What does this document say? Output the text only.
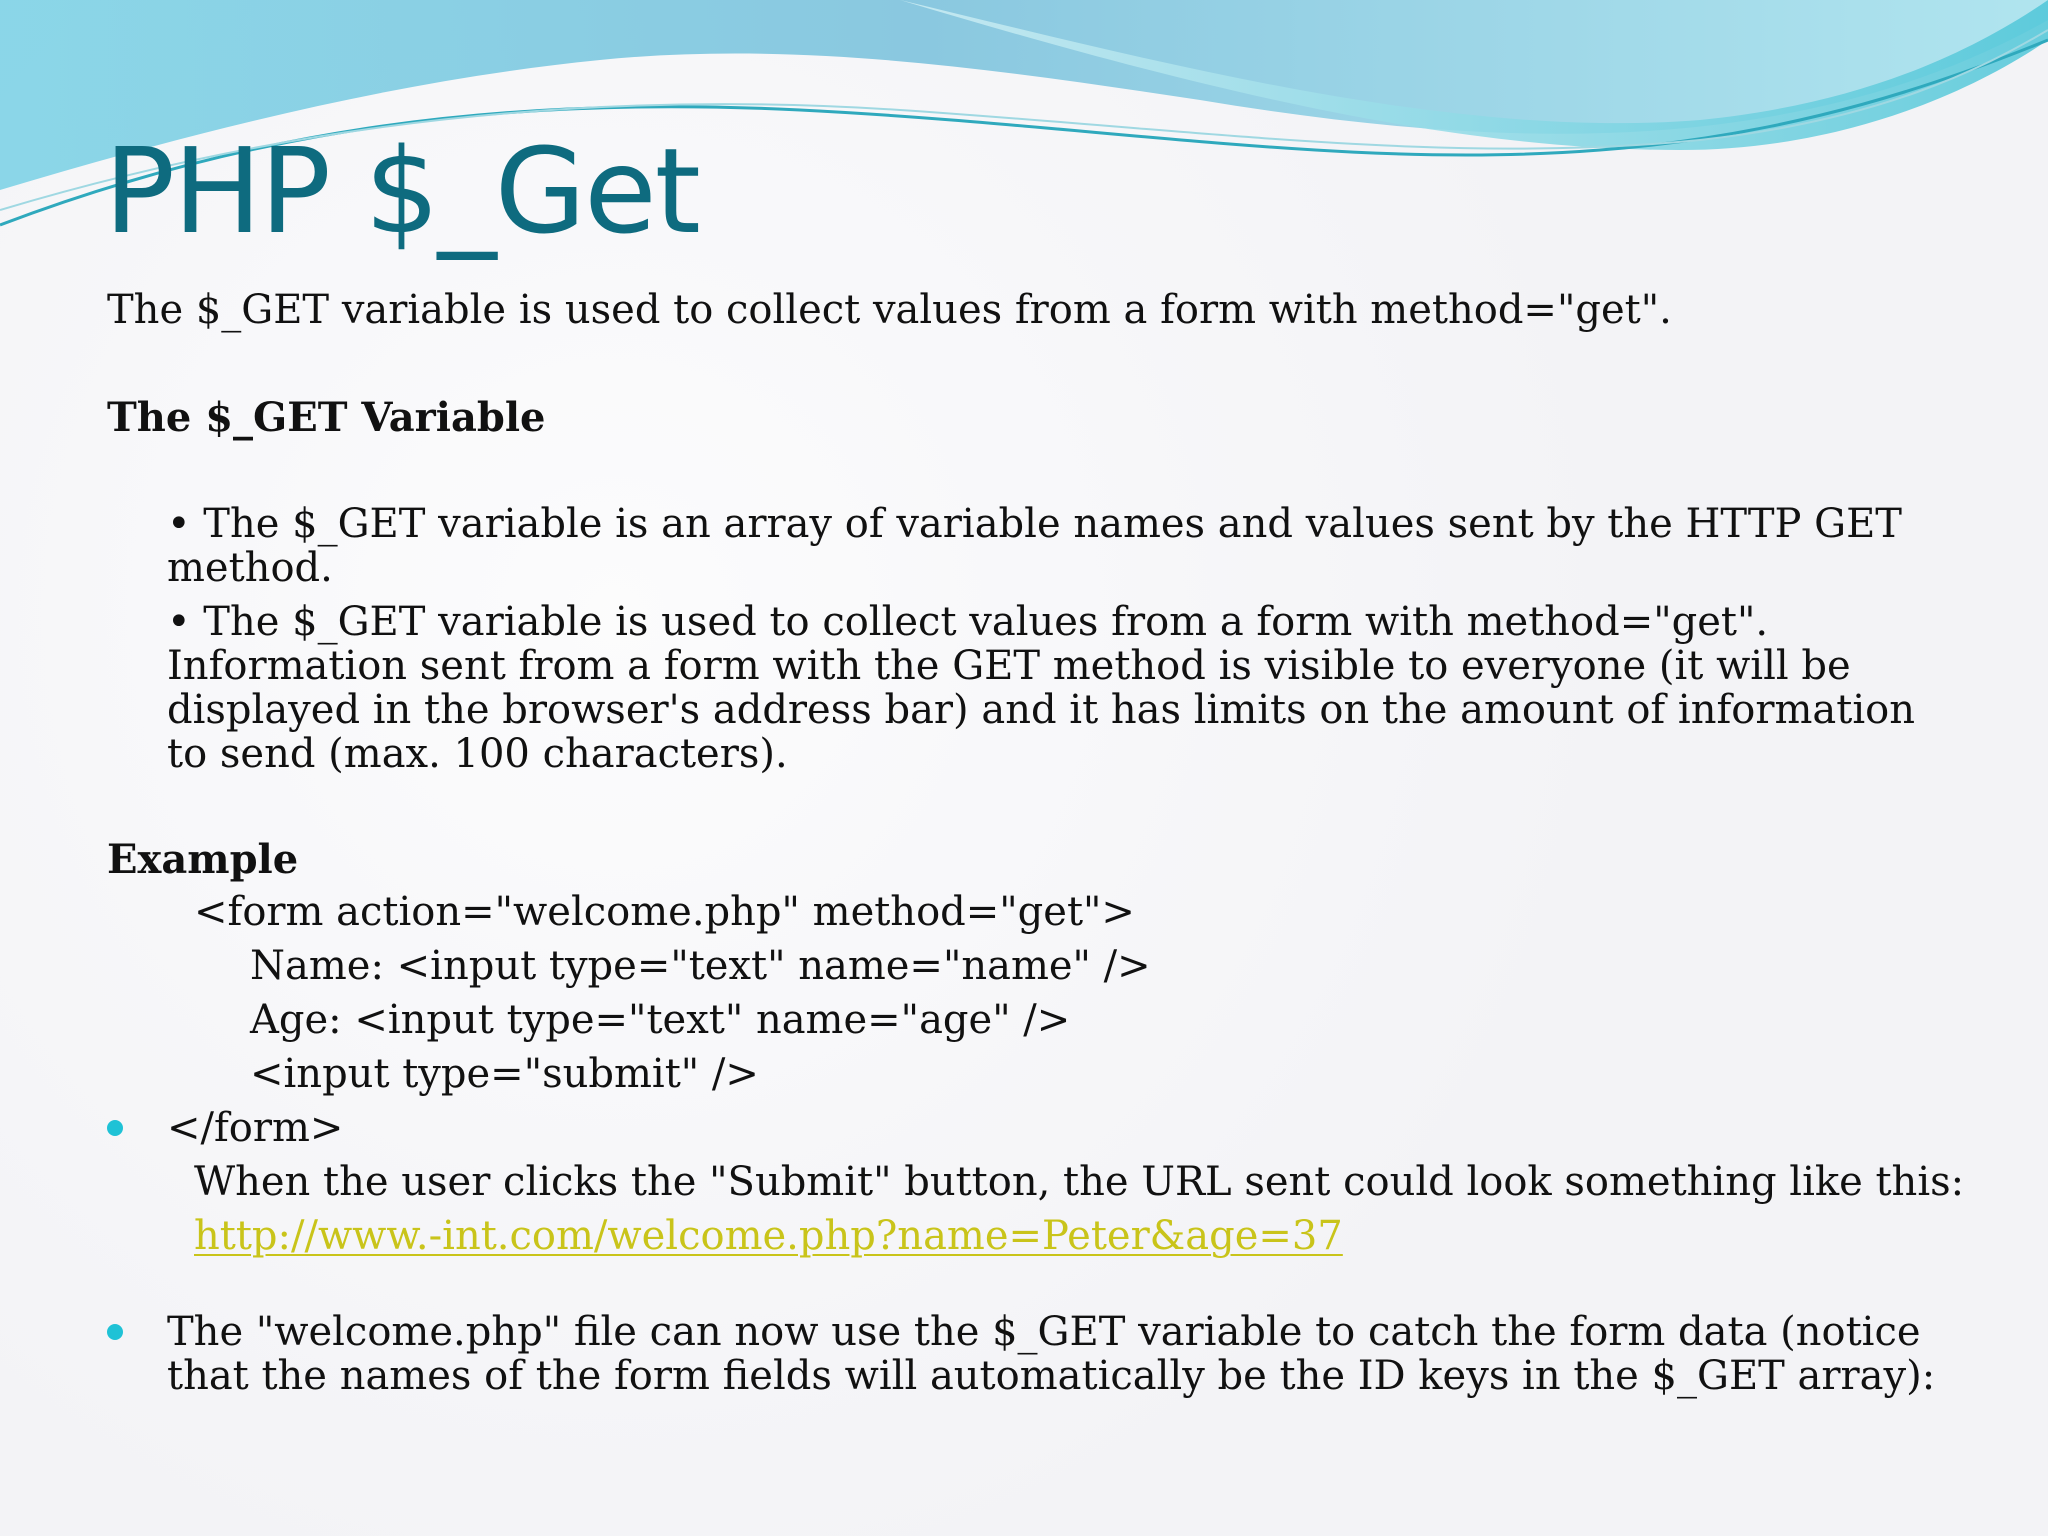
PHP $_Get

The $_GET variable is used to collect values from a form with method="get".

The $_GET Variable

• The $_GET variable is an array of variable names and values sent by the HTTP GET method.

• The $_GET variable is used to collect values from a form with method="get". Information sent from a form with the GET method is visible to everyone (it will be displayed in the browser's address bar) and it has limits on the amount of information to send (max. 100 characters).

Example

<form action="welcome.php" method="get">

Name: <input type="text" name="name" />

Age: <input type="text" name="age" />

<input type="submit" />

</form>

When the user clicks the "Submit" button, the URL sent could look something like this:

http://www.-int.com/welcome.php?name=Peter&age=37

The "welcome.php" file can now use the $_GET variable to catch the form data (notice that the names of the form fields will automatically be the ID keys in the $_GET array):
